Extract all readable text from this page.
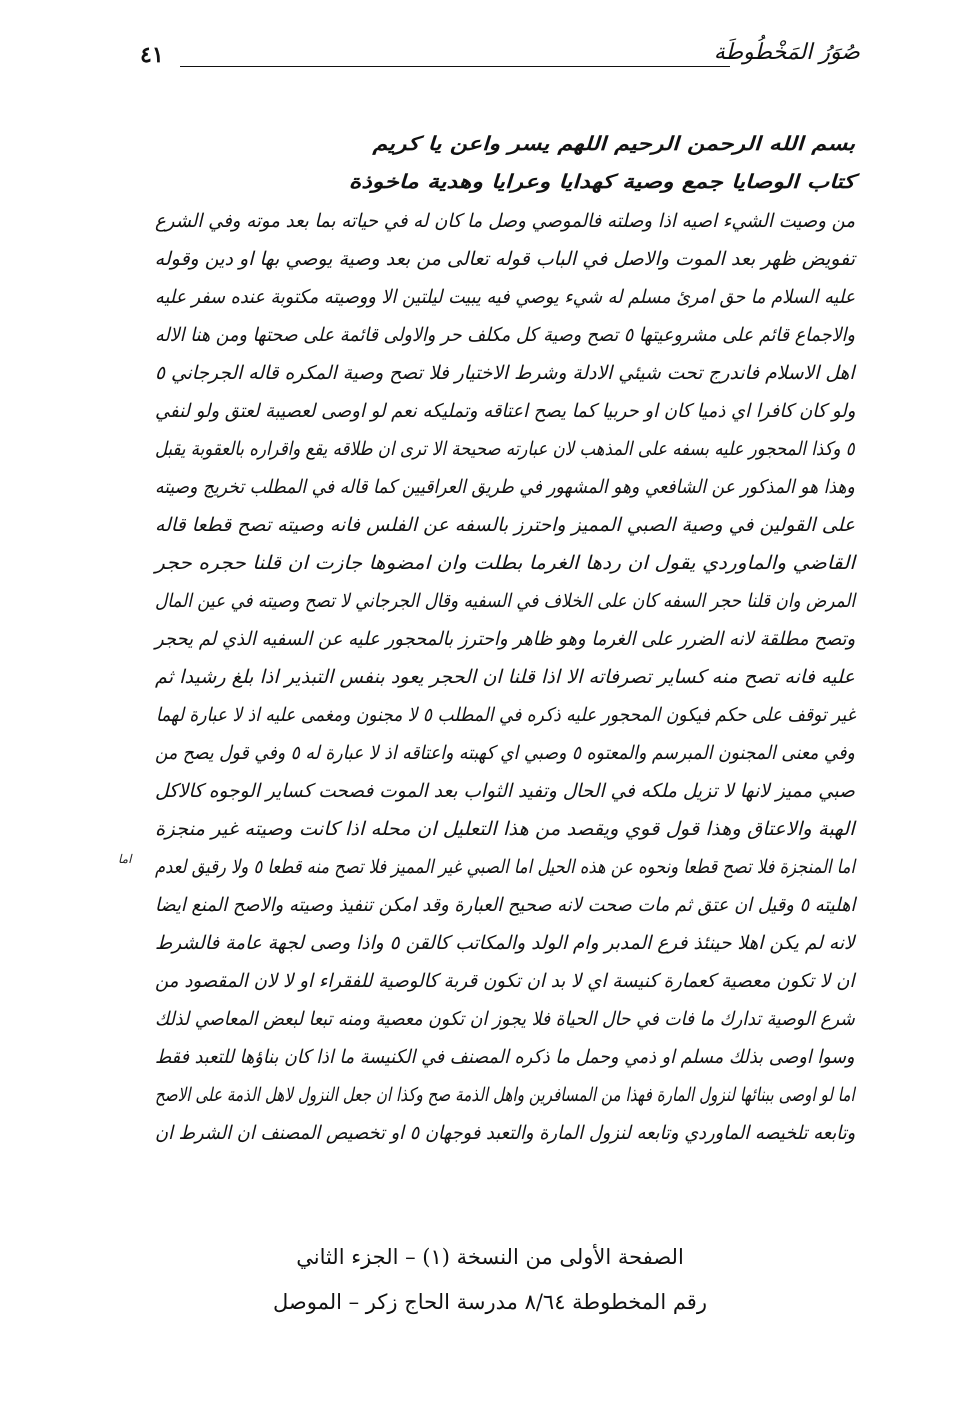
٤١	صُوَرُ المَخْطُوطَة
بسم الله الرحمن الرحيم اللهم يسر واعن يا كريم
كتاب الوصايا جمع وصية كهدايا وعرايا وهدية ماخوذة
من وصيت الشيء اصيه اذا وصلته فالموصي وصل ما كان له في حياته بما بعد موته وفي الشرع
تفويض ظهر بعد الموت والاصل في الباب قوله تعالى من بعد وصية يوصي بها او دين وقوله
عليه السلام ما حق امرئ مسلم له شيء يوصي فيه يبيت ليلتين الا ووصيته مكتوبة عنده سفر عليه
والاجماع قائم على مشروعيتها ٥ تصح وصية كل مكلف حر والاولى قائمة على صحتها ومن هنا الاله
اهل الاسلام فاندرج تحت شيئي الادلة وشرط الاختيار فلا تصح وصية المكره قاله الجرجاني ٥
ولو كان كافرا اي ذميا كان او حربيا كما يصح اعتاقه وتمليكه نعم لو اوصى لعصيبة لعتق ولو لنفي
٥ وكذا المحجور عليه بسفه على المذهب لان عبارته صحيحة الا ترى ان طلاقه يقع واقراره بالعقوبة يقبل
وهذا هو المذكور عن الشافعي وهو المشهور في طريق العراقيين كما قاله في المطلب تخريج وصيته
على القولين في وصية الصبي المميز واحترز بالسفه عن الفلس فانه وصيته تصح قطعا قاله
القاضي والماوردي يقول ان ردها الغرما بطلت وان امضوها جازت ان قلنا حجره حجر
المرض وان قلنا حجر السفه كان على الخلاف في السفيه وقال الجرجاني لا تصح وصيته في عين المال
وتصح مطلقة لانه الضرر على الغرما وهو ظاهر واحترز بالمحجور عليه عن السفيه الذي لم يحجر
عليه فانه تصح منه كساير تصرفاته الا اذا قلنا ان الحجر يعود بنفس التبذير اذا بلغ رشيدا ثم
غير توقف على حكم فيكون المحجور عليه ذكره في المطلب ٥ لا مجنون ومغمى عليه اذ لا عبارة لهما
وفي معنى المجنون المبرسم والمعتوه ٥ وصبي اي كهبته واعتاقه اذ لا عبارة له ٥ وفي قول يصح من
صبي مميز لانها لا تزيل ملكه في الحال وتفيد الثواب بعد الموت فصحت كساير الوجوه كالاكل
الهبة والاعتاق وهذا قول قوي ويقصد من هذا التعليل ان محله اذا كانت وصيته غير منجزة
اما المنجزة فلا تصح قطعا ونحوه عن هذه الحيل اما الصبي غير المميز فلا تصح منه قطعا ٥ ولا رقيق لعدم
اهليته ٥ وقيل ان عتق ثم مات صحت لانه صحيح العبارة وقد امكن تنفيذ وصيته والاصح المنع ايضا
لانه لم يكن اهلا حينئذ فرع المدبر وام الولد والمكاتب كالقن ٥ واذا وصى لجهة عامة فالشرط
ان لا تكون معصية كعمارة كنيسة اي لا بد ان تكون قربة كالوصية للفقراء او لا لان المقصود من
شرع الوصية تدارك ما فات في حال الحياة فلا يجوز ان تكون معصية ومنه تبعا لبعض المعاصي لذلك
وسوا اوصى بذلك مسلم او ذمي وحمل ما ذكره المصنف في الكنيسة ما اذا كان بناؤها للتعبد فقط
اما لو اوصى ببنائها لنزول المارة فهذا من المسافرين واهل الذمة صح وكذا ان جعل النزول لاهل الذمة على الاصح
وتابعه تلخيصه الماوردي وتابعه لنزول المارة والتعبد فوجهان ٥ او تخصيص المصنف ان الشرط ان
اما
الصفحة الأولى من النسخة (١) – الجزء الثاني
رقم المخطوطة ٨/٦٤ مدرسة الحاج زكر – الموصل
